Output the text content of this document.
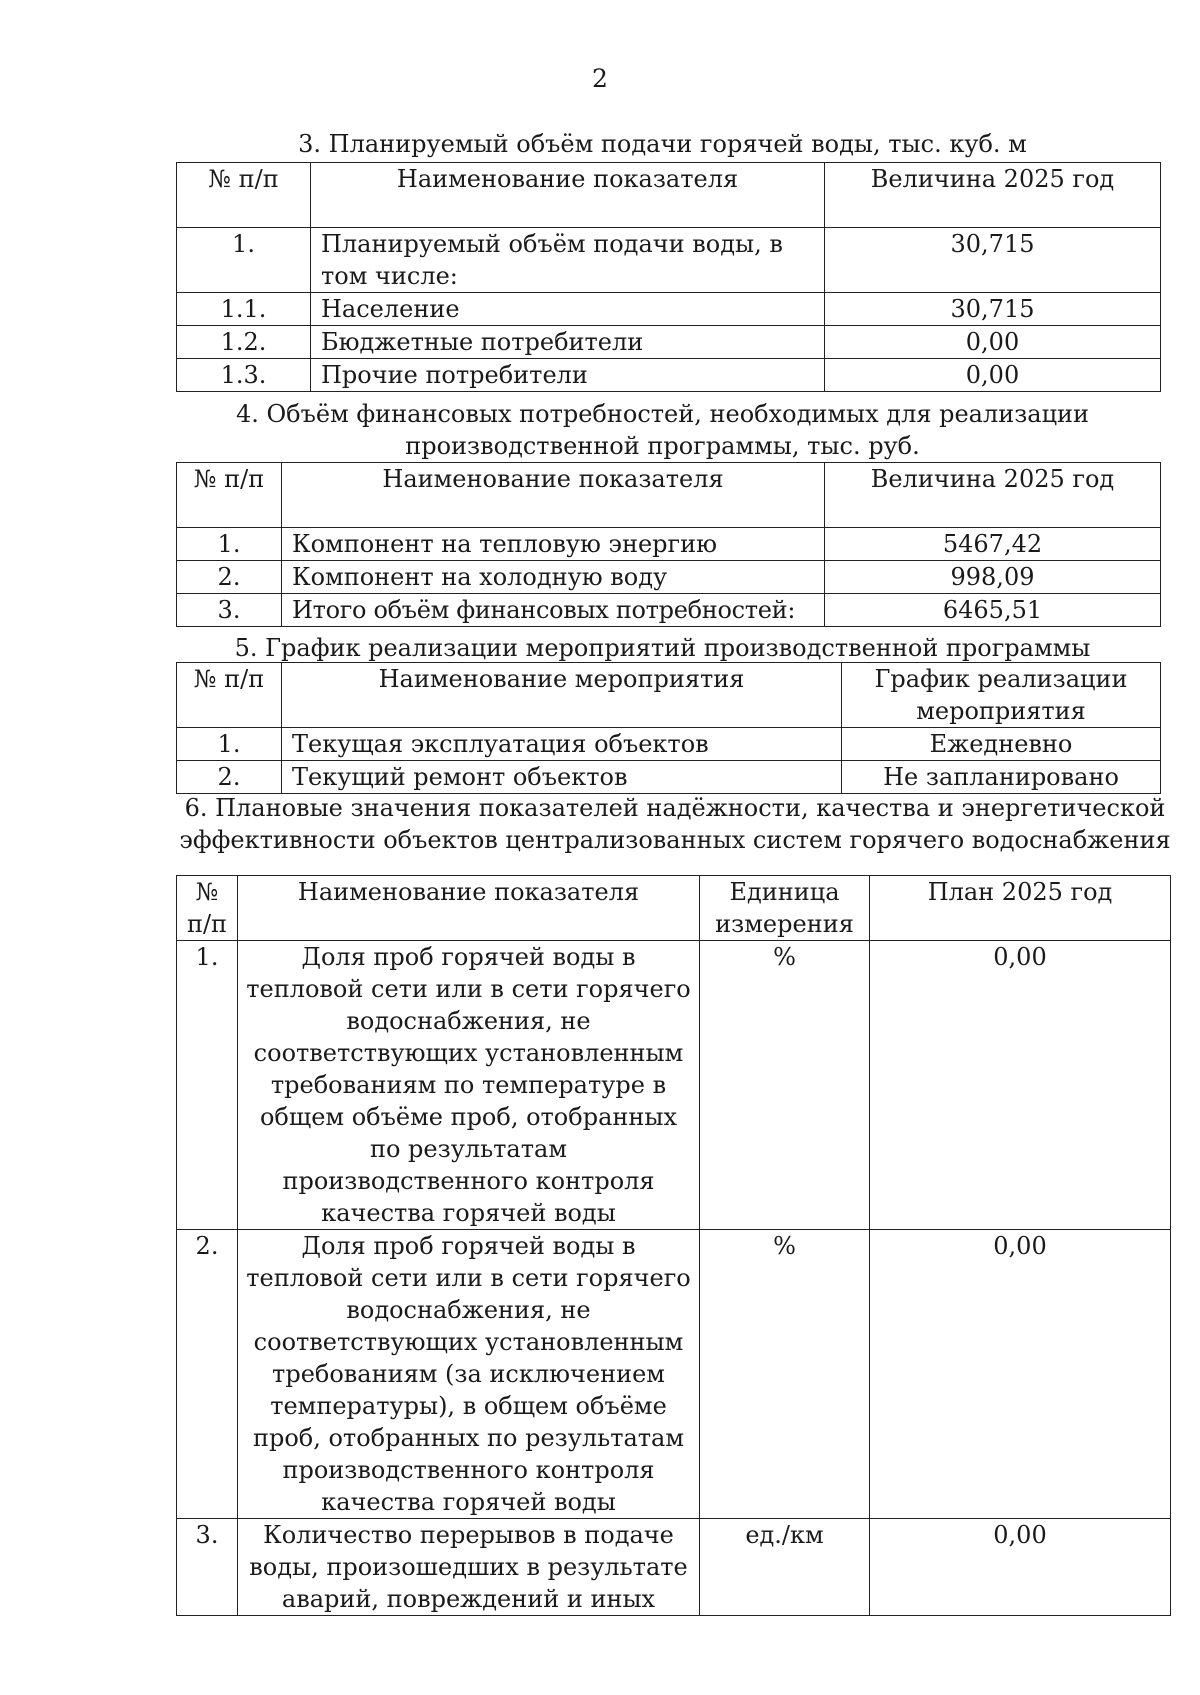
2
3. Планируемый объём подачи горячей воды, тыс. куб. м
№ п/п	Наименование показателя	Величина 2025 год
1.	Планируемый объём подачи воды, в том числе:	30,715
1.1.	Население	30,715
1.2.	Бюджетные потребители	0,00
1.3.	Прочие потребители	0,00
4. Объём финансовых потребностей, необходимых для реализации производственной программы, тыс. руб.
№ п/п	Наименование показателя	Величина 2025 год
1.	Компонент на тепловую энергию	5467,42
2.	Компонент на холодную воду	998,09
3.	Итого объём финансовых потребностей:	6465,51
5. График реализации мероприятий производственной программы
№ п/п	Наименование мероприятия	График реализации мероприятия
1.	Текущая эксплуатация объектов	Ежедневно
2.	Текущий ремонт объектов	Не запланировано
6. Плановые значения показателей надёжности, качества и энергетической эффективности объектов централизованных систем горячего водоснабжения
№ п/п	Наименование показателя	Единица измерения	План 2025 год
1.	Доля проб горячей воды в тепловой сети или в сети горячего водоснабжения, не соответствующих установленным требованиям по температуре в общем объёме проб, отобранных по результатам производственного контроля качества горячей воды	%	0,00
2.	Доля проб горячей воды в тепловой сети или в сети горячего водоснабжения, не соответствующих установленным требованиям (за исключением температуры), в общем объёме проб, отобранных по результатам производственного контроля качества горячей воды	%	0,00
3.	Количество перерывов в подаче воды, произошедших в результате аварий, повреждений и иных	ед./км	0,00
